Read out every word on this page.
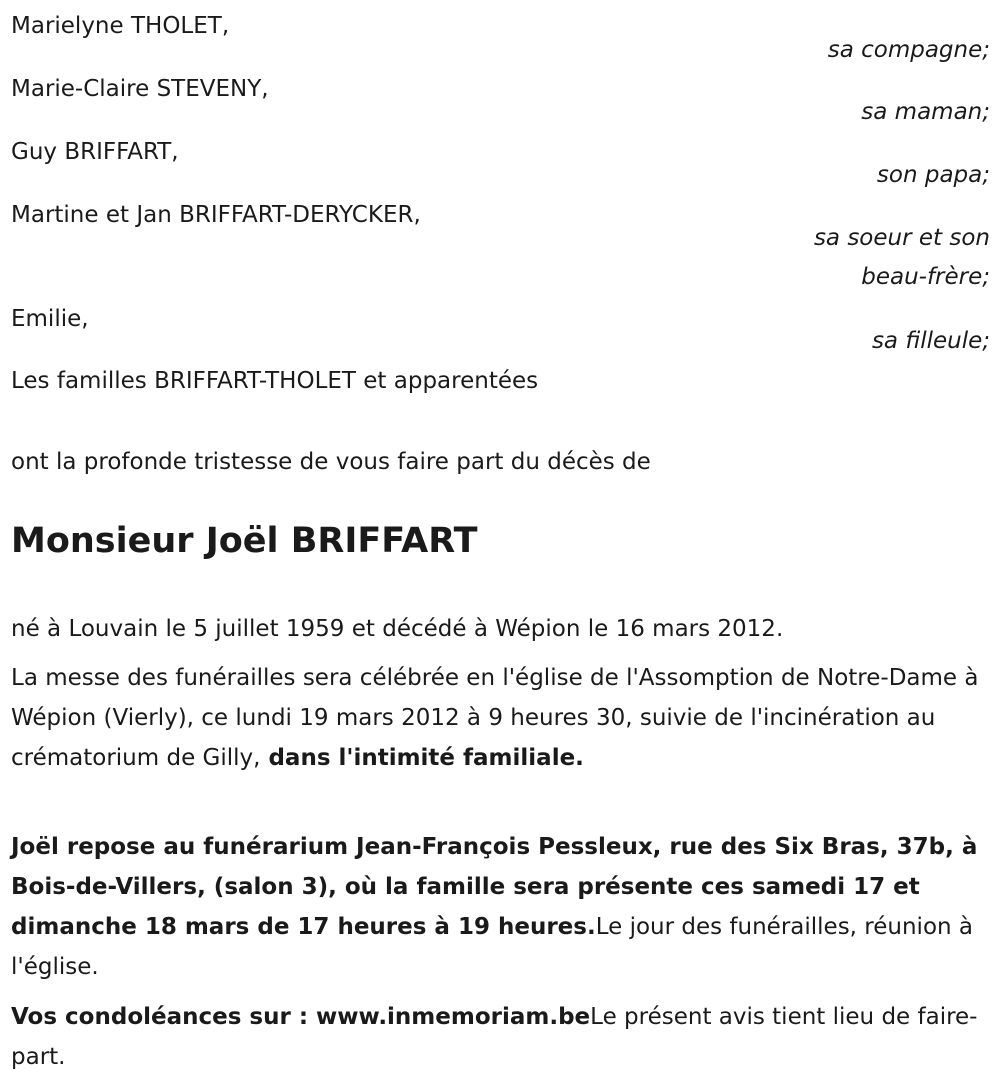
Marielyne THOLET,
sa compagne;
Marie-Claire STEVENY,
sa maman;
Guy BRIFFART,
son papa;
Martine et Jan BRIFFART-DERYCKER,
sa soeur et son
beau-frère;
Emilie,
sa filleule;
Les familles BRIFFART-THOLET et apparentées
ont la profonde tristesse de vous faire part du décès de
Monsieur Joël BRIFFART
né à Louvain le 5 juillet 1959 et décédé à Wépion le 16 mars 2012.
La messe des funérailles sera célébrée en l'église de l'Assomption de Notre-Dame à Wépion (Vierly), ce lundi 19 mars 2012 à 9 heures 30, suivie de l'incinération au crématorium de Gilly, dans l'intimité familiale.
Joël repose au funérarium Jean-François Pessleux, rue des Six Bras, 37b, à Bois-de-Villers, (salon 3), où la famille sera présente ces samedi 17 et dimanche 18 mars de 17 heures à 19 heures.Le jour des funérailles, réunion à l'église.
Vos condoléances sur : www.inmemoriam.beLe présent avis tient lieu de faire-part.
